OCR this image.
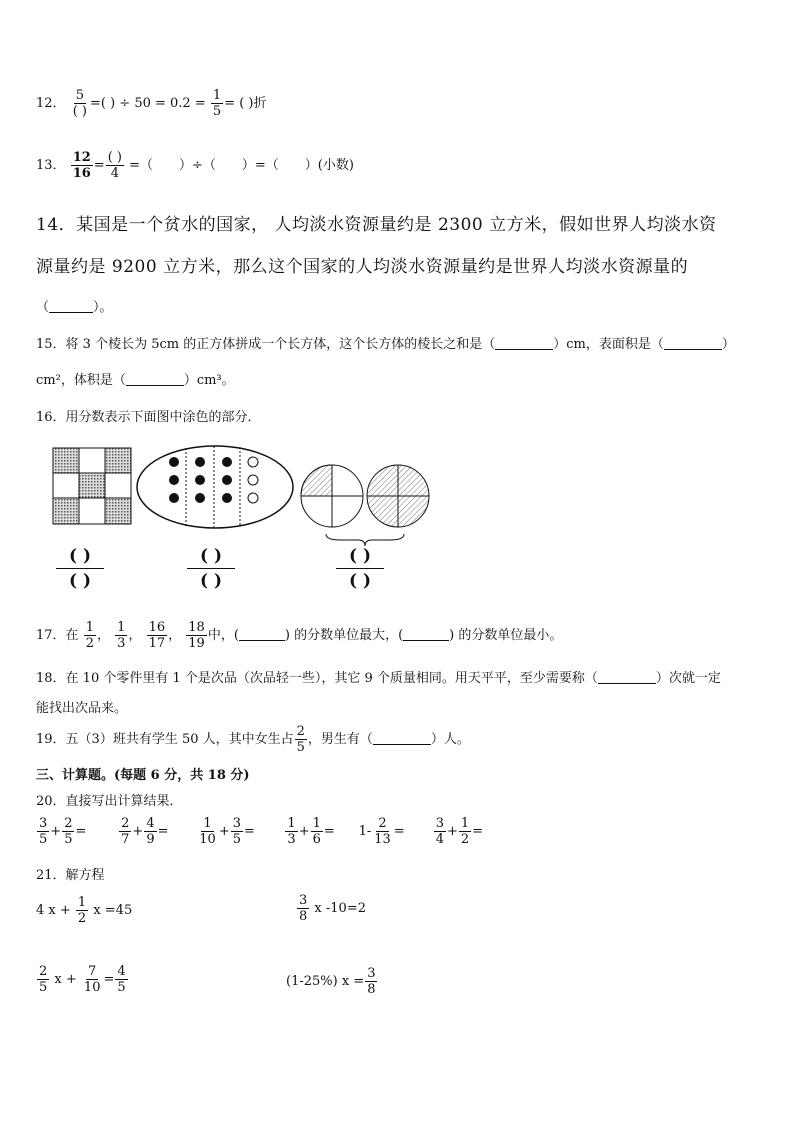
12． $\frac{5}{( )}$ =( ) ÷ $50 = 0.2 = \frac{1}{5}$ = ( )折
13． $\frac{12}{16} = \frac{( )}{4}$ =（　　）÷（　　）=（　　）(小数)
14．某国是一个贫水的国家， 人均淡水资源量约是 2300 立方米，假如世界人均淡水资
源量约是 9200 立方米，那么这个国家的人均淡水资源量约是世界人均淡水资源量的
（	）。
15．将 3 个棱长为 5cm 的正方体拼成一个长方体，这个长方体的棱长之和是（	）cm，表面积是（	）
cm²，体积是（	）cm³。
16．用分数表示下面图中涂色的部分．
( )
( )
( )
( )
( )
( )
17．在 $\frac{1}{2}$ ， $\frac{1}{3}$ ， $\frac{16}{17}$ ， $\frac{18}{19}$ 中，(	) 的分数单位最大，(	) 的分数单位最小。
18．在 10 个零件里有 1 个是次品（次品轻一些），其它 9 个质量相同。用天平平，至少需要称（	）次就一定
能找出次品来。
19．五（3）班共有学生 50 人，其中女生占 $\frac{2}{5}$ ，男生有（	）人。
三、计算题。(每题 6 分，共 18 分)
20．直接写出计算结果．
$\frac{3}{5} + \frac{2}{5}$ =	$\frac{2}{7} + \frac{4}{9} = \frac{1}{10} + \frac{3}{5} = \frac{1}{3} + \frac{1}{6} = 1- \frac{2}{13} = \frac{3}{4} + \frac{1}{2}$ =
21．解方程
4 $x + \frac{1}{2}$ x =45	$\frac{3}{8}$ x -10=2
$\frac{2}{5}$ $x + \frac{7}{10} = \frac{4}{5}$	(1-25%) $x = \frac{3}{8}$
